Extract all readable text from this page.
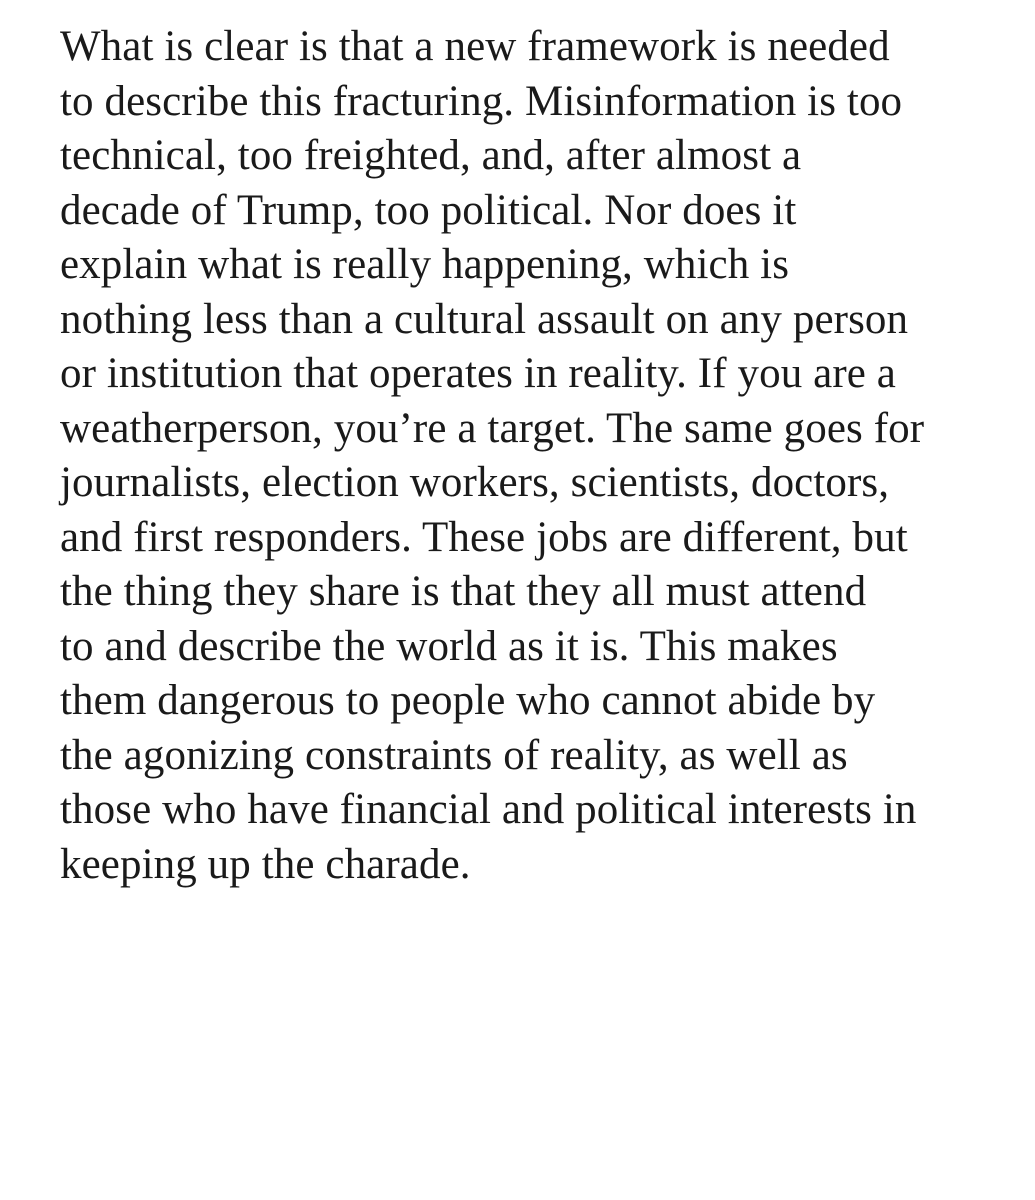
What is clear is that a new framework is needed
to describe this fracturing. Misinformation is too
technical, too freighted, and, after almost a
decade of Trump, too political. Nor does it
explain what is really happening, which is
nothing less than a cultural assault on any person
or institution that operates in reality. If you are a
weatherperson, you’re a target. The same goes for
journalists, election workers, scientists, doctors,
and first responders. These jobs are different, but
the thing they share is that they all must attend
to and describe the world as it is. This makes
them dangerous to people who cannot abide by
the agonizing constraints of reality, as well as
those who have financial and political interests in
keeping up the charade.
